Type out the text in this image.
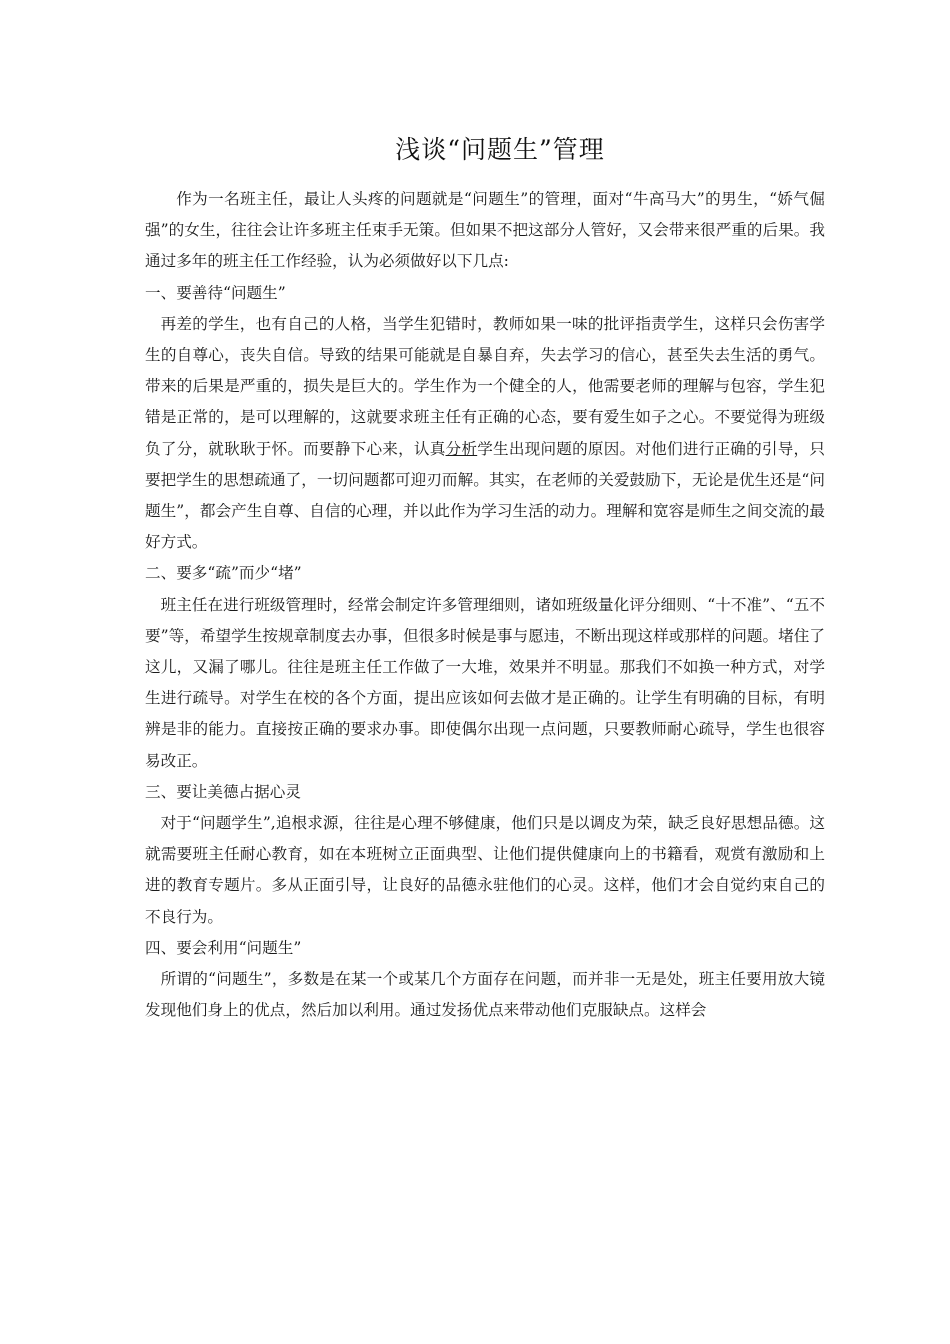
浅谈“问题生”管理

作为一名班主任，最让人头疼的问题就是“问题生”的管理，面对“牛高马大”的男生，“娇气倔强”的女生，往往会让许多班主任束手无策。但如果不把这部分人管好，又会带来很严重的后果。我通过多年的班主任工作经验，认为必须做好以下几点:

一、要善待“问题生”

再差的学生，也有自己的人格，当学生犯错时，教师如果一味的批评指责学生，这样只会伤害学生的自尊心，丧失自信。导致的结果可能就是自暴自弃，失去学习的信心，甚至失去生活的勇气。带来的后果是严重的，损失是巨大的。学生作为一个健全的人，他需要老师的理解与包容，学生犯错是正常的，是可以理解的，这就要求班主任有正确的心态，要有爱生如子之心。不要觉得为班级负了分，就耿耿于怀。而要静下心来，认真分析学生出现问题的原因。对他们进行正确的引导，只要把学生的思想疏通了，一切问题都可迎刃而解。其实，在老师的关爱鼓励下，无论是优生还是“问题生”，都会产生自尊、自信的心理，并以此作为学习生活的动力。理解和宽容是师生之间交流的最好方式。

二、要多“疏”而少“堵”

班主任在进行班级管理时，经常会制定许多管理细则，诸如班级量化评分细则、“十不准”、“五不要”等，希望学生按规章制度去办事，但很多时候是事与愿违，不断出现这样或那样的问题。堵住了这儿，又漏了哪儿。往往是班主任工作做了一大堆，效果并不明显。那我们不如换一种方式，对学生进行疏导。对学生在校的各个方面，提出应该如何去做才是正确的。让学生有明确的目标，有明辨是非的能力。直接按正确的要求办事。即使偶尔出现一点问题，只要教师耐心疏导，学生也很容易改正。

三、要让美德占据心灵

对于“问题学生”,追根求源，往往是心理不够健康，他们只是以调皮为荣，缺乏良好思想品德。这就需要班主任耐心教育，如在本班树立正面典型、让他们提供健康向上的书籍看，观赏有激励和上进的教育专题片。多从正面引导，让良好的品德永驻他们的心灵。这样，他们才会自觉约束自己的不良行为。

四、要会利用“问题生”

所谓的“问题生”，多数是在某一个或某几个方面存在问题，而并非一无是处，班主任要用放大镜发现他们身上的优点，然后加以利用。通过发扬优点来带动他们克服缺点。这样会
